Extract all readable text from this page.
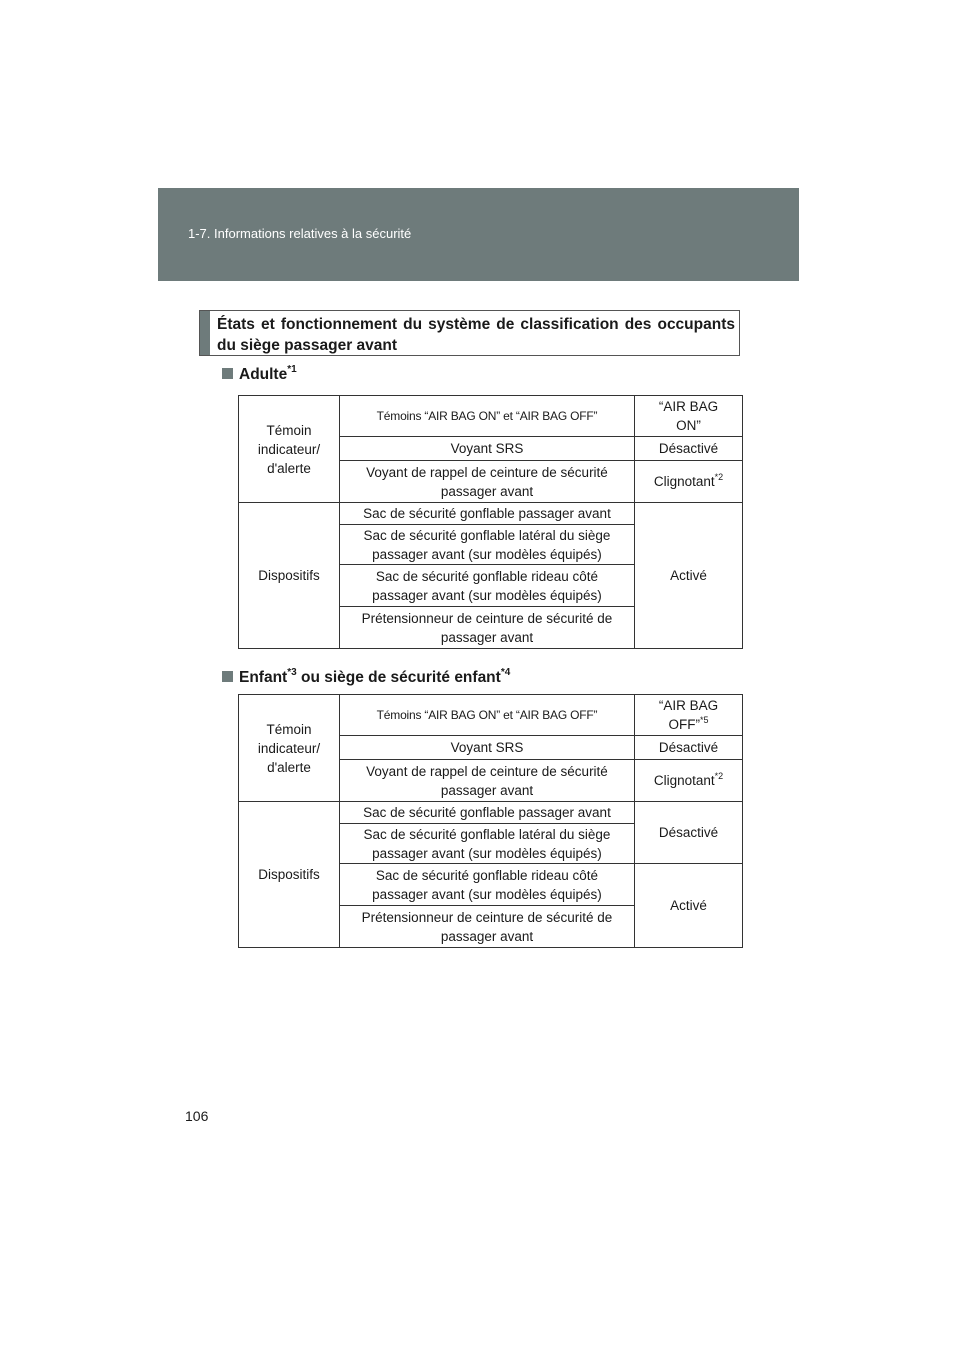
1-7. Informations relatives à la sécurité
États et fonctionnement du système de classification des occupants du siège passager avant
Adulte$^{*1}$
Témoin indicateur/ d'alerte	Témoins “AIR BAG ON” et “AIR BAG OFF”	“AIR BAG ON”
	Voyant SRS	Désactivé
	Voyant de rappel de ceinture de sécurité passager avant	Clignotant$^{*2}$
Dispositifs	Sac de sécurité gonflable passager avant	Activé
	Sac de sécurité gonflable latéral du siège passager avant (sur modèles équipés)	
	Sac de sécurité gonflable rideau côté passager avant (sur modèles équipés)	
	Prétensionneur de ceinture de sécurité de passager avant	
Enfant$^{*3}$ ou siège de sécurité enfant$^{*4}$
Témoin indicateur/ d'alerte	Témoins “AIR BAG ON” et “AIR BAG OFF”	“AIR BAG OFF”$^{*5}$
	Voyant SRS	Désactivé
	Voyant de rappel de ceinture de sécurité passager avant	Clignotant$^{*2}$
Dispositifs	Sac de sécurité gonflable passager avant	Désactivé
	Sac de sécurité gonflable latéral du siège passager avant (sur modèles équipés)	
	Sac de sécurité gonflable rideau côté passager avant (sur modèles équipés)	Activé
	Prétensionneur de ceinture de sécurité de passager avant	
106
